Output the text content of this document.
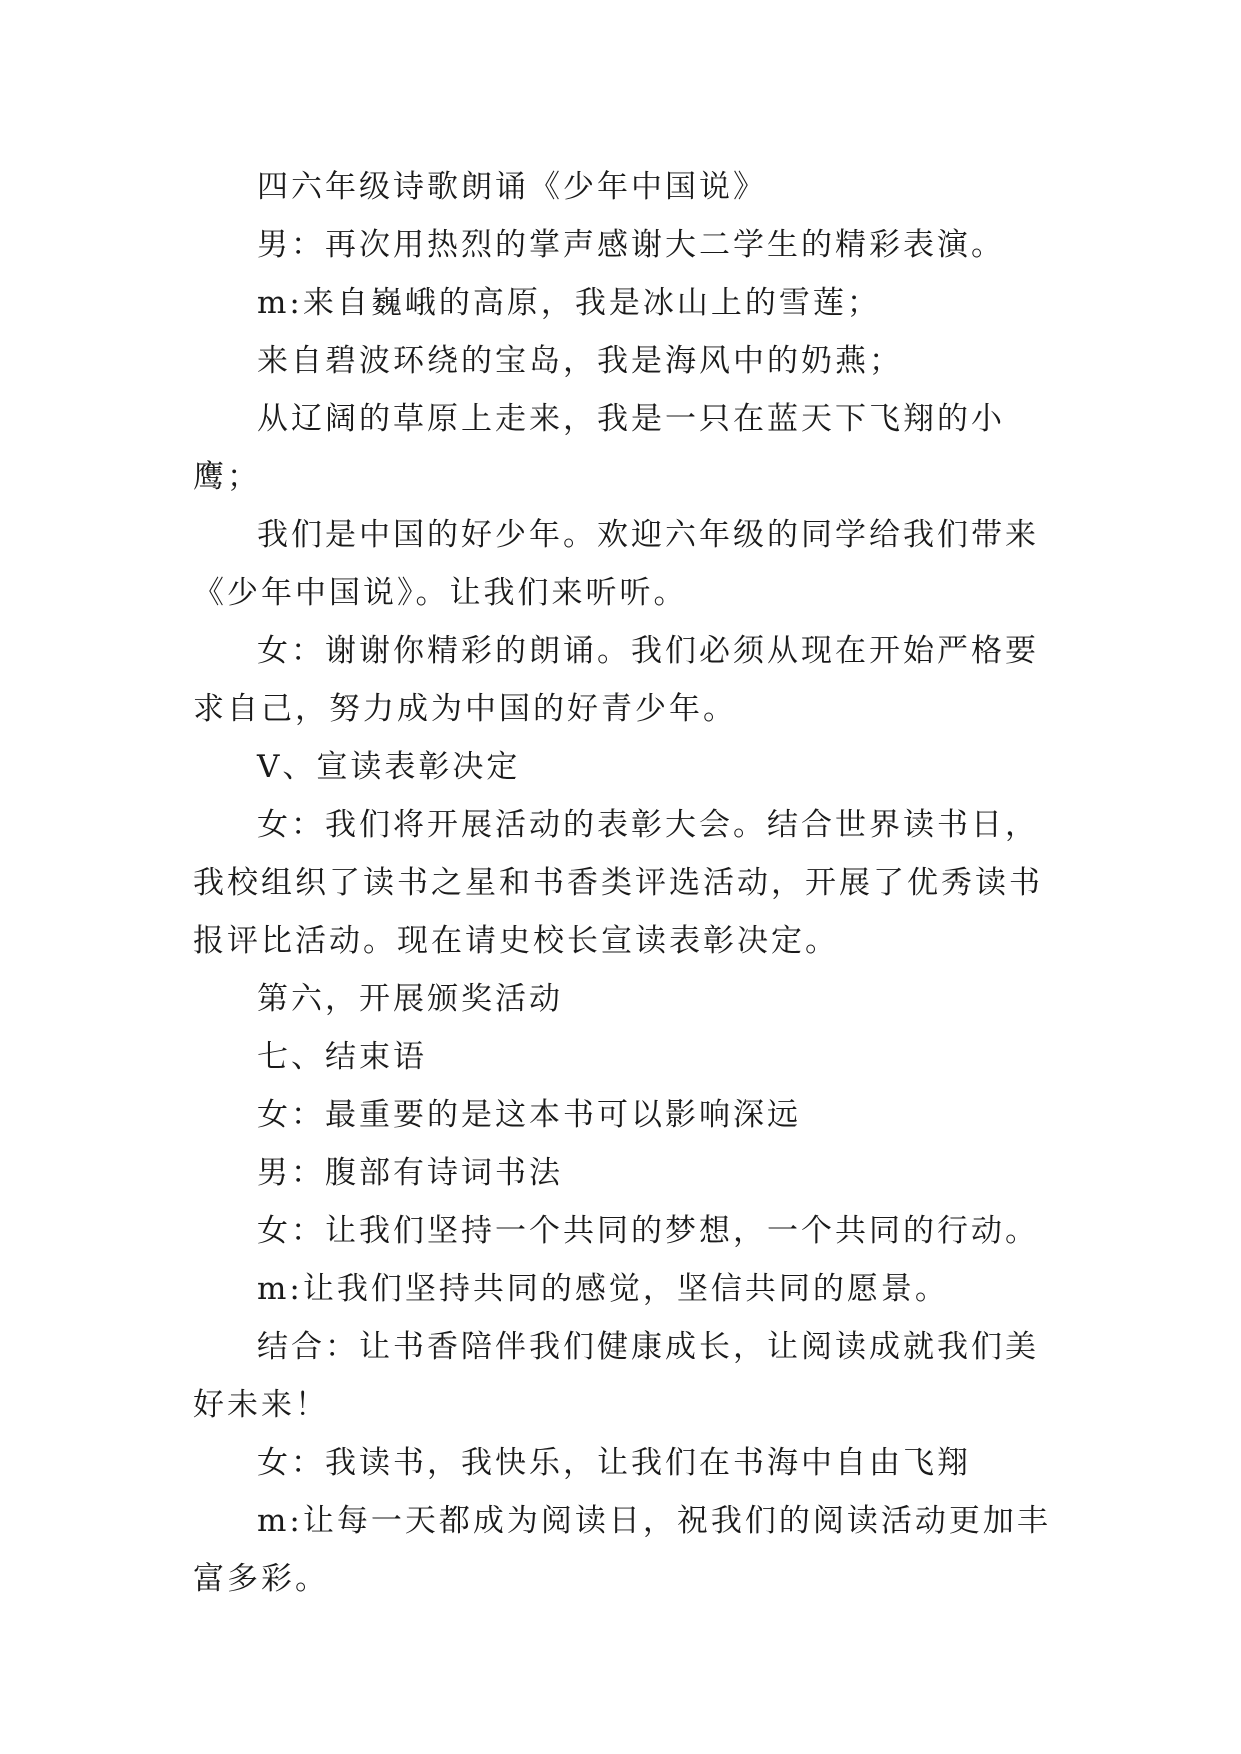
四六年级诗歌朗诵《少年中国说》

男：再次用热烈的掌声感谢大二学生的精彩表演。

m:来自巍峨的高原，我是冰山上的雪莲；

来自碧波环绕的宝岛，我是海风中的奶燕；

从辽阔的草原上走来，我是一只在蓝天下飞翔的小鹰；

我们是中国的好少年。欢迎六年级的同学给我们带来《少年中国说》。让我们来听听。

女：谢谢你精彩的朗诵。我们必须从现在开始严格要求自己，努力成为中国的好青少年。

V、宣读表彰决定

女：我们将开展活动的表彰大会。结合世界读书日，我校组织了读书之星和书香类评选活动，开展了优秀读书报评比活动。现在请史校长宣读表彰决定。

第六，开展颁奖活动

七、结束语

女：最重要的是这本书可以影响深远

男：腹部有诗词书法

女：让我们坚持一个共同的梦想，一个共同的行动。

m:让我们坚持共同的感觉，坚信共同的愿景。

结合：让书香陪伴我们健康成长，让阅读成就我们美好未来！

女：我读书，我快乐，让我们在书海中自由飞翔

m:让每一天都成为阅读日，祝我们的阅读活动更加丰富多彩。
